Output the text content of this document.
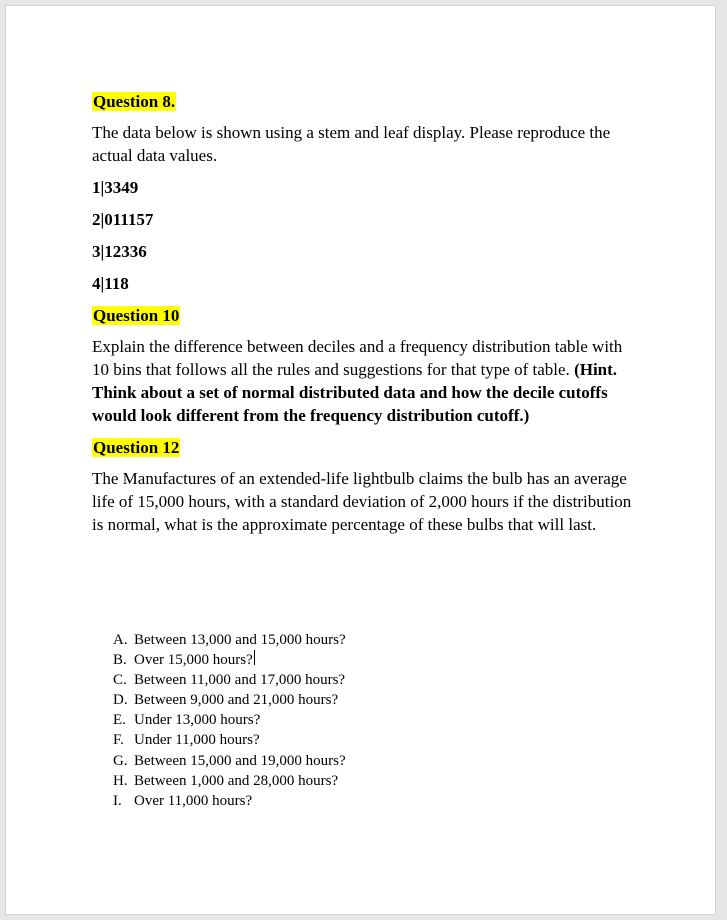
Question 8.

The data below is shown using a stem and leaf display. Please reproduce the actual data values.

1|3349
2|011157
3|12336
4|118
Question 10

Explain the difference between deciles and a frequency distribution table with 10 bins that follows all the rules and suggestions for that type of table. (Hint. Think about a set of normal distributed data and how the decile cutoffs would look different from the frequency distribution cutoff.)

Question 12

The Manufactures of an extended-life lightbulb claims the bulb has an average life of 15,000 hours, with a standard deviation of 2,000 hours if the distribution is normal, what is the approximate percentage of these bulbs that will last.

A. Between 13,000 and 15,000 hours?
B. Over 15,000 hours?
C. Between 11,000 and 17,000 hours?
D. Between 9,000 and 21,000 hours?
E. Under 13,000 hours?
F. Under 11,000 hours?
G. Between 15,000 and 19,000 hours?
H. Between 1,000 and 28,000 hours?
I. Over 11,000 hours?
